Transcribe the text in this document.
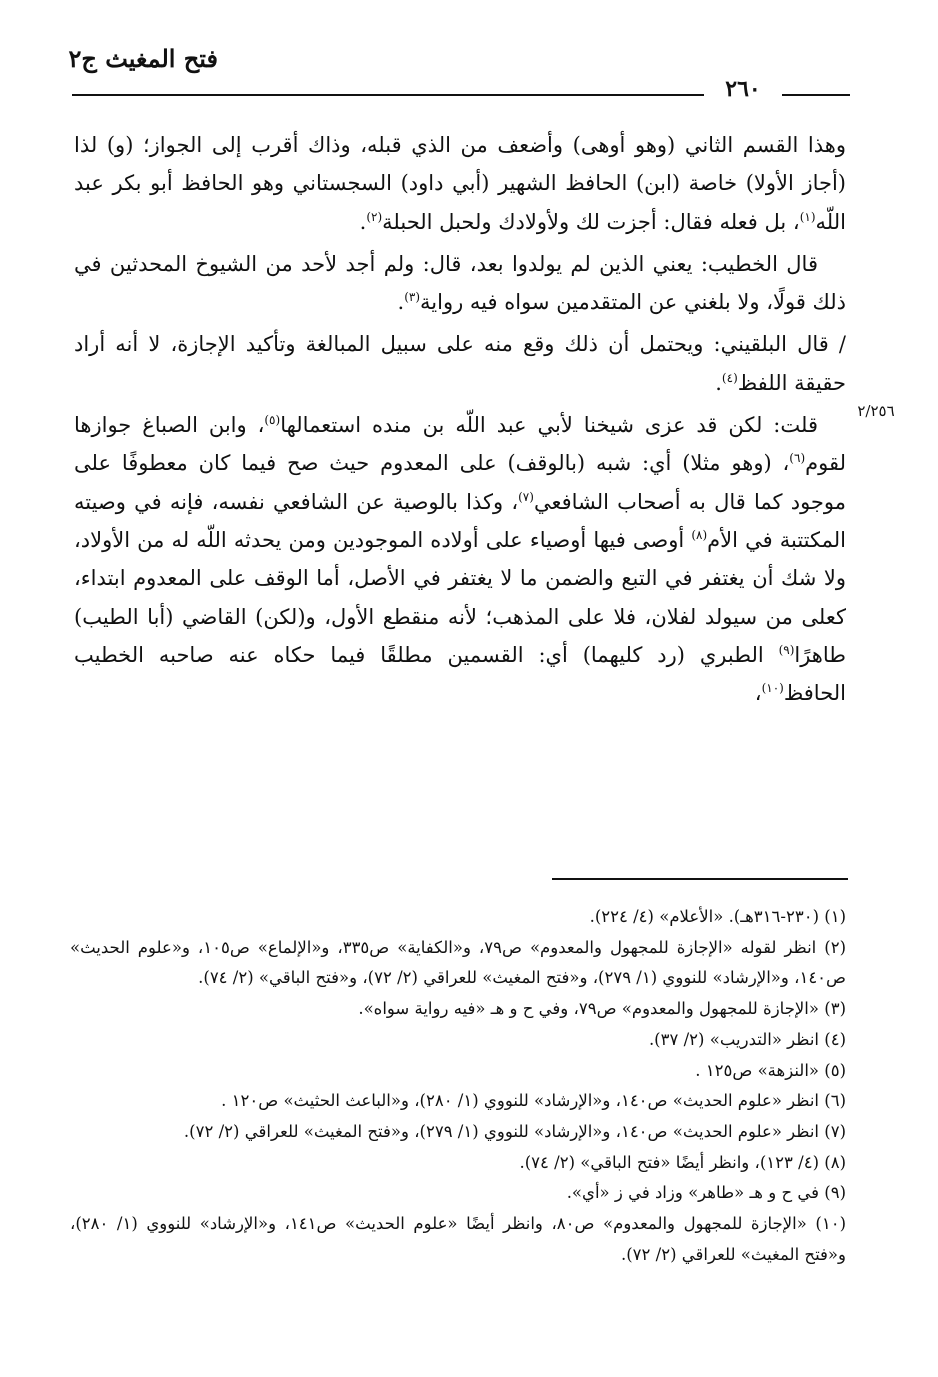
فتح المغيث ج٢
٢٦٠
٢/٢٥٦

وهذا القسم الثاني (وهو أوهى) وأضعف من الذي قبله، وذاك أقرب إلى الجواز؛ (و) لذا (أجاز الأولا) خاصة (ابن) الحافظ الشهير (أبي داود) السجستاني وهو الحافظ أبو بكر عبد اللّه$^{(١)}$، بل فعله فقال: أجزت لك ولأولادك ولحبل الحبلة$^{(٢)}$.

قال الخطيب: يعني الذين لم يولدوا بعد، قال: ولم أجد لأحد من الشيوخ المحدثين في ذلك قولًا، ولا بلغني عن المتقدمين سواه فيه رواية$^{(٣)}$.

/ قال البلقيني: ويحتمل أن ذلك وقع منه على سبيل المبالغة وتأكيد الإجازة، لا أنه أراد حقيقة اللفظ$^{(٤)}$.

قلت: لكن قد عزى شيخنا لأبي عبد اللّه بن منده استعمالها$^{(٥)}$، وابن الصباغ جوازها لقوم$^{(٦)}$، (وهو مثلا) أي: شبه (بالوقف) على المعدوم حيث صح فيما كان معطوفًا على موجود كما قال به أصحاب الشافعي$^{(٧)}$، وكذا بالوصية عن الشافعي نفسه، فإنه في وصيته المكتتبة في الأم$^{(٨)}$ أوصى فيها أوصياء على أولاده الموجودين ومن يحدثه اللّه له من الأولاد، ولا شك أن يغتفر في التبع والضمن ما لا يغتفر في الأصل، أما الوقف على المعدوم ابتداء، كعلى من سيولد لفلان، فلا على المذهب؛ لأنه منقطع الأول، و(لكن) القاضي (أبا الطيب) طاهرًا$^{(٩)}$ الطبري (رد كليهما) أي: القسمين مطلقًا فيما حكاه عنه صاحبه الخطيب الحافظ$^{(١٠)}$،

(١) (٢٣٠-٣١٦هـ). «الأعلام» (٤/ ٢٢٤).

(٢) انظر لقوله «الإجازة للمجهول والمعدوم» ص٧٩، و«الكفاية» ص٣٣٥، و«الإلماع» ص١٠٥، و«علوم الحديث» ص١٤٠، و«الإرشاد» للنووي (١/ ٢٧٩)، و«فتح المغيث» للعراقي (٢/ ٧٢)، و«فتح الباقي» (٢/ ٧٤).

(٣) «الإجازة للمجهول والمعدوم» ص٧٩، وفي ح و هـ «فيه رواية سواه».

(٤) انظر «التدريب» (٢/ ٣٧).

(٥) «النزهة» ص١٢٥ .

(٦) انظر «علوم الحديث» ص١٤٠، و«الإرشاد» للنووي (١/ ٢٨٠)، و«الباعث الحثيث» ص١٢٠ .

(٧) انظر «علوم الحديث» ص١٤٠، و«الإرشاد» للنووي (١/ ٢٧٩)، و«فتح المغيث» للعراقي (٢/ ٧٢).

(٨) (٤/ ١٢٣)، وانظر أيضًا «فتح الباقي» (٢/ ٧٤).

(٩) في ح و هـ «طاهر» وزاد في ز «أي».

(١٠) «الإجازة للمجهول والمعدوم» ص٨٠، وانظر أيضًا «علوم الحديث» ص١٤١، و«الإرشاد» للنووي (١/ ٢٨٠)، و«فتح المغيث» للعراقي (٢/ ٧٢).
